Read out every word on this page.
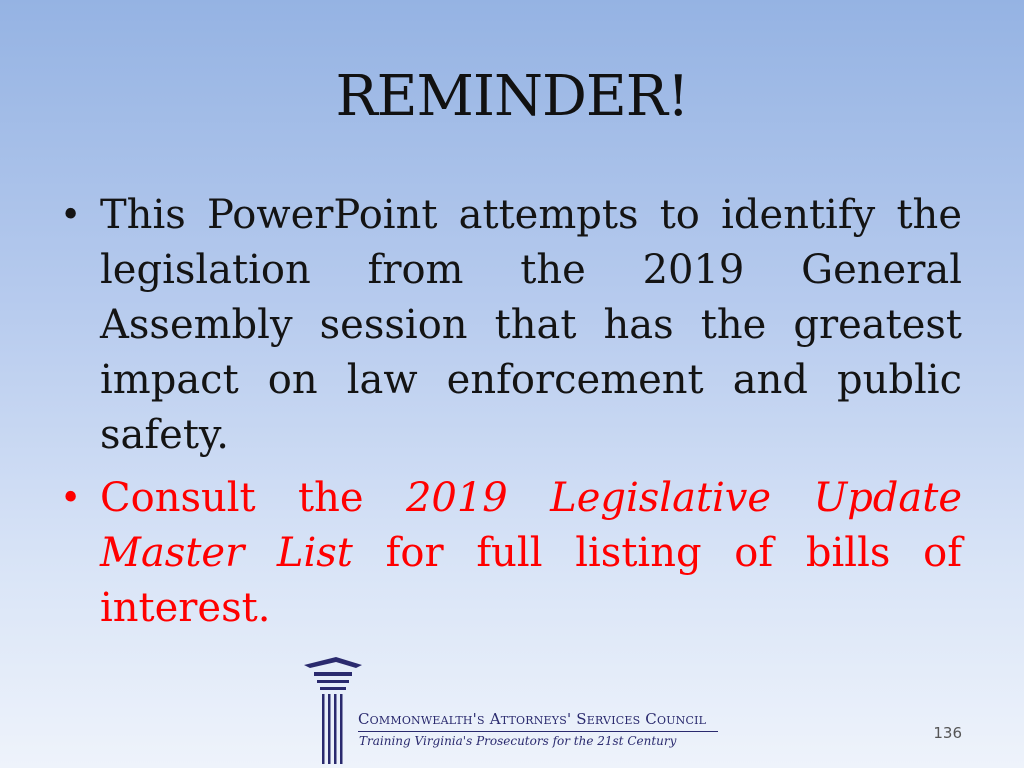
REMINDER!
• This PowerPoint attempts to identify the legislation from the 2019 General Assembly session that has the greatest impact on law enforcement and public safety.
• Consult the 2019 Legislative Update Master List for full listing of bills of interest.
Commonwealth's Attorneys' Services Council
Training Virginia's Prosecutors for the 21st Century	136
